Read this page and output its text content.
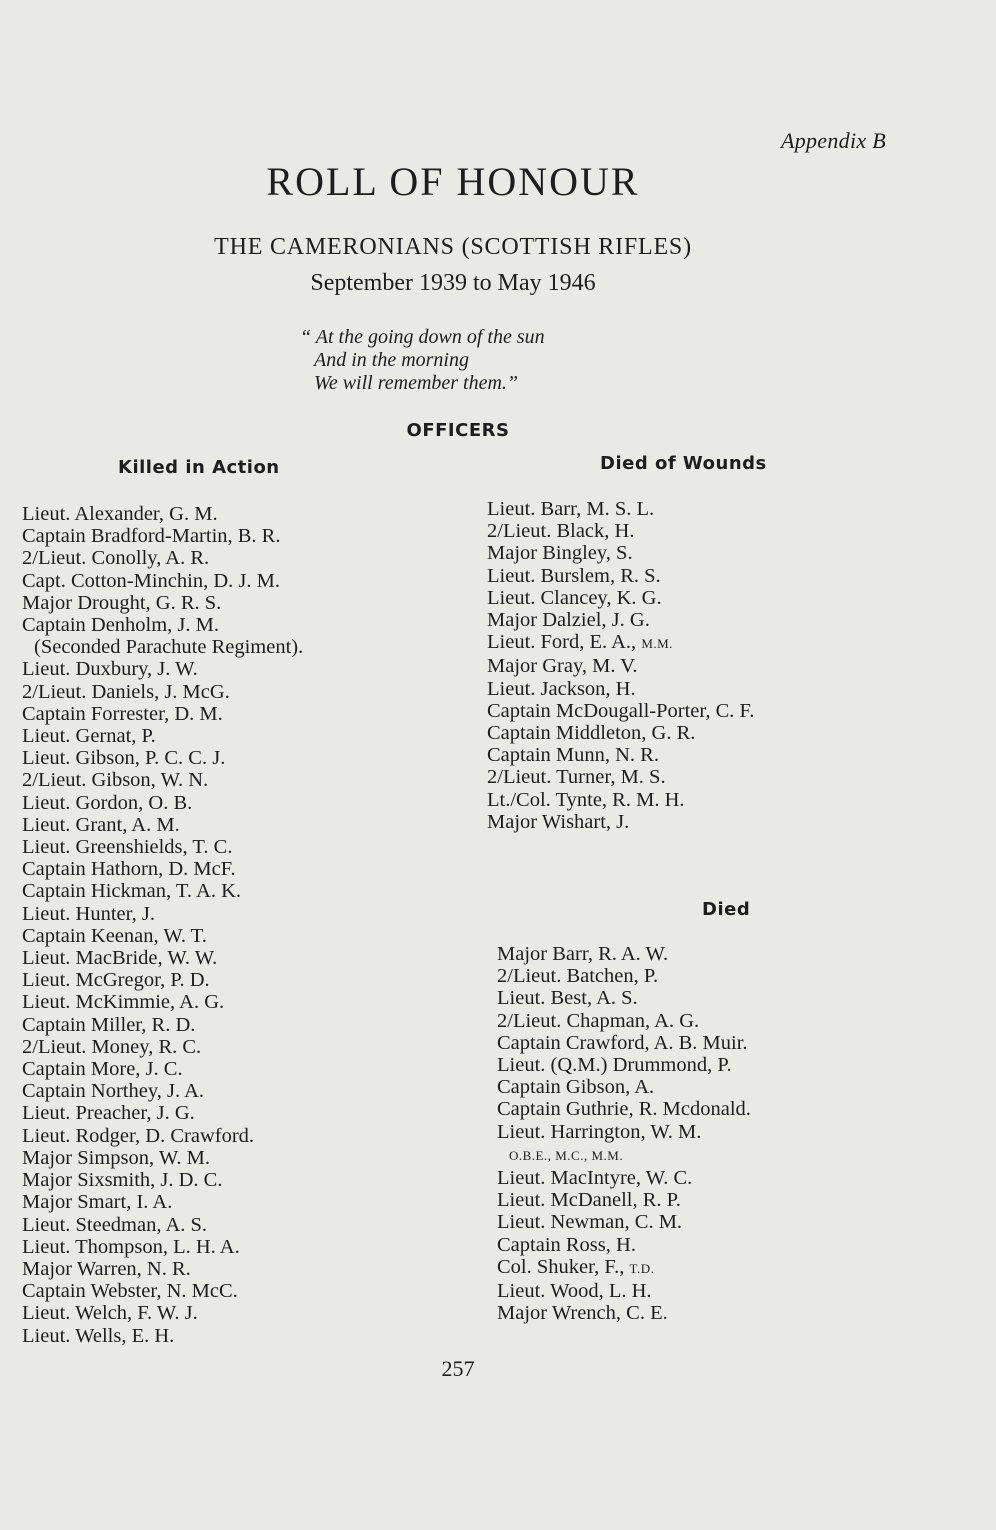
Appendix B
ROLL OF HONOUR
THE CAMERONIANS (SCOTTISH RIFLES)
September 1939 to May 1946
“ At the going down of the sun
And in the morning
We will remember them.”
OFFICERS
Killed in Action	Died of Wounds
Died
Lieut. Alexander, G. M.
Captain Bradford-Martin, B. R.
2/Lieut. Conolly, A. R.
Capt. Cotton-Minchin, D. J. M.
Major Drought, G. R. S.
Captain Denholm, J. M.
(Seconded Parachute Regiment).
Lieut. Duxbury, J. W.
2/Lieut. Daniels, J. McG.
Captain Forrester, D. M.
Lieut. Gernat, P.
Lieut. Gibson, P. C. C. J.
2/Lieut. Gibson, W. N.
Lieut. Gordon, O. B.
Lieut. Grant, A. M.
Lieut. Greenshields, T. C.
Captain Hathorn, D. McF.
Captain Hickman, T. A. K.
Lieut. Hunter, J.
Captain Keenan, W. T.
Lieut. MacBride, W. W.
Lieut. McGregor, P. D.
Lieut. McKimmie, A. G.
Captain Miller, R. D.
2/Lieut. Money, R. C.
Captain More, J. C.
Captain Northey, J. A.
Lieut. Preacher, J. G.
Lieut. Rodger, D. Crawford.
Major Simpson, W. M.
Major Sixsmith, J. D. C.
Major Smart, I. A.
Lieut. Steedman, A. S.
Lieut. Thompson, L. H. A.
Major Warren, N. R.
Captain Webster, N. McC.
Lieut. Welch, F. W. J.
Lieut. Wells, E. H.
Lieut. Barr, M. S. L.
2/Lieut. Black, H.
Major Bingley, S.
Lieut. Burslem, R. S.
Lieut. Clancey, K. G.
Major Dalziel, J. G.
Lieut. Ford, E. A., M.M.
Major Gray, M. V.
Lieut. Jackson, H.
Captain McDougall-Porter, C. F.
Captain Middleton, G. R.
Captain Munn, N. R.
2/Lieut. Turner, M. S.
Lt./Col. Tynte, R. M. H.
Major Wishart, J.
Major Barr, R. A. W.
2/Lieut. Batchen, P.
Lieut. Best, A. S.
2/Lieut. Chapman, A. G.
Captain Crawford, A. B. Muir.
Lieut. (Q.M.) Drummond, P.
Captain Gibson, A.
Captain Guthrie, R. Mcdonald.
Lieut. Harrington, W. M.
O.B.E., M.C., M.M.
Lieut. MacIntyre, W. C.
Lieut. McDanell, R. P.
Lieut. Newman, C. M.
Captain Ross, H.
Col. Shuker, F., T.D.
Lieut. Wood, L. H.
Major Wrench, C. E.
257
